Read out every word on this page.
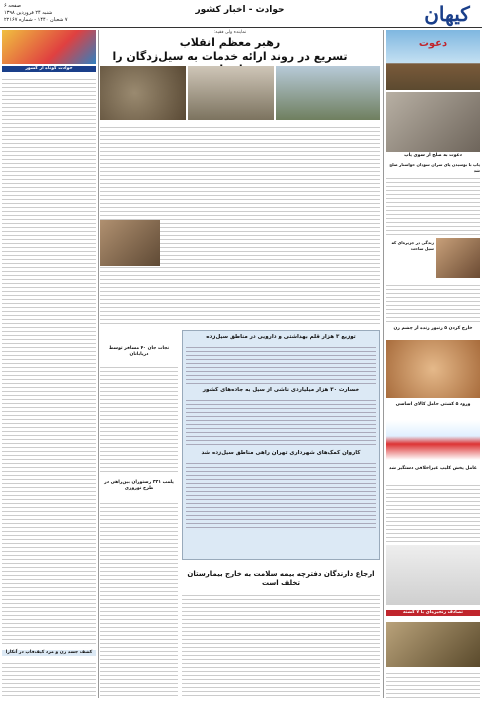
کیهان
حوادث - اخبار کشور
صفحه ۶
شنبه ۲۴ فروردین ۱۳۹۸
۷ شعبان ۱۴۴۰ - شماره ۲۲۱۶۷
نماینده ولی فقیه:
رهبر معظم انقلاب
تسریع در روند ارائه خدمات به سیل‌زدگان را
دعوت
دعوت به صلح از سوی پاپ
پاپ با بوسیدن پای سران سودان خواستار صلح شد
زندگی در جزیره‌ای که سیل ساخت
خارج کردن ۵ زنبور زنده از چشم زن
ورود ۵ کشتی حامل کالای اساسی
عامل پخش کلیپ غیراخلاقی دستگیر شد
تصادف زنجیره‌ای با ۷ کشته
حوادث کوتاه از کشور
کشف جسد زن و مرد کیف‌قاپ در آنکارا
نجات جان ۴۰ مسافر توسط دریابانان
پلمب ۳۳۱ رستوران بین‌راهی در طرح نوروزی
توزیع ۳ هزار قلم بهداشتی و دارویی در مناطق سیل‌زده
خسارت ۳۰ هزار میلیاردی ناشی از سیل به جاده‌های کشور
کاروان کمک‌های شهرداری تهران راهی مناطق سیل‌زده شد
ارجاع دارندگان دفترچه بیمه سلامت به خارج بیمارستان تخلف است
